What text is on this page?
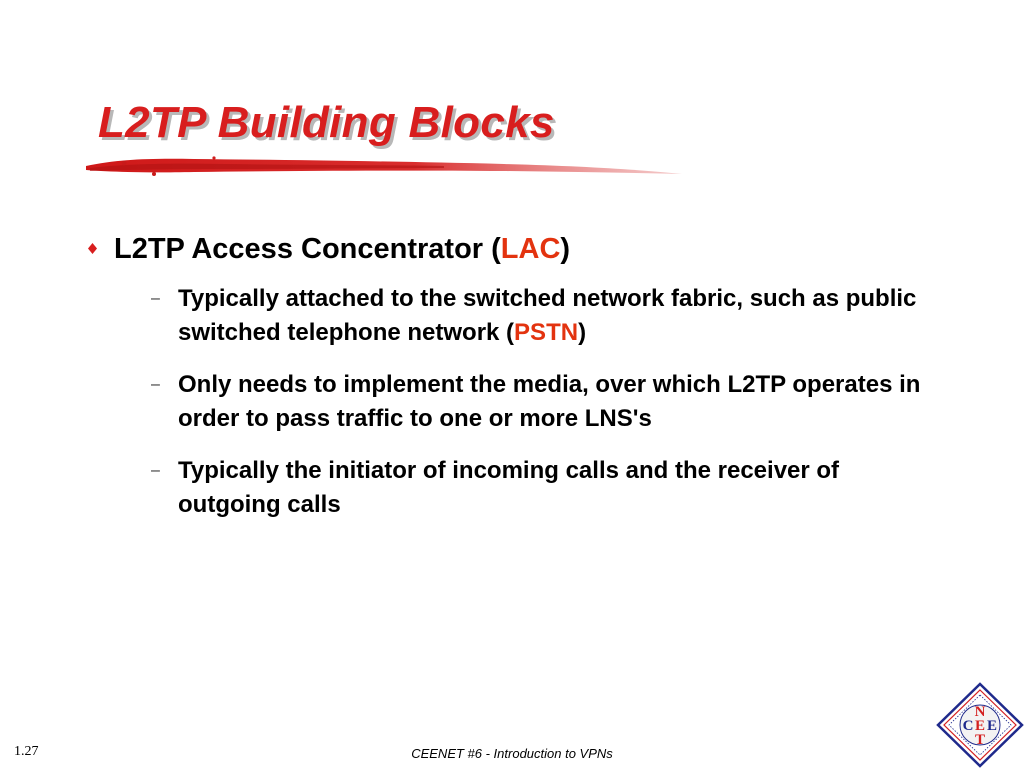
L2TP Building Blocks
L2TP Access Concentrator (LAC)
– Typically attached to the switched network fabric, such as public switched telephone network (PSTN)
– Only needs to implement the media, over which L2TP operates in order to pass traffic to one or more LNS's
– Typically the initiator of incoming calls and the receiver of outgoing calls
1.27	CEENET #6 - Introduction to VPNs
N
C E E
T
